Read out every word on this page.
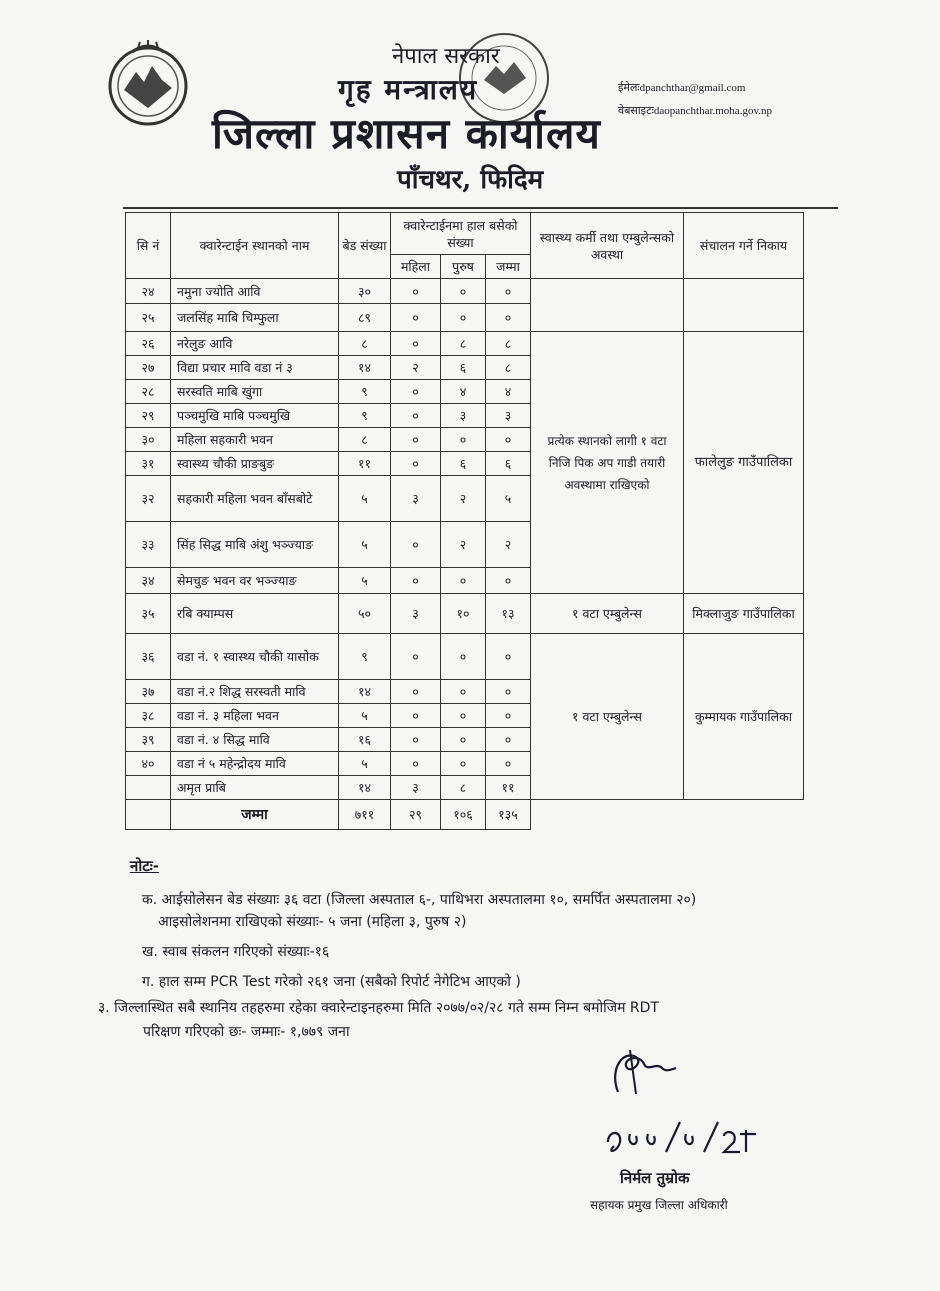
नेपाल सरकार
गृह मन्त्रालय
जिल्ला प्रशासन कार्यालय
पाँचथर, फिदिम
ईमेलःdpanchthar@gmail.com
वेबसाइटःdaopanchthar.moha.gov.np
सि नं	क्वारेन्टाईन स्थानको नाम	बेड संख्या	क्वारेन्टाईनमा हाल बसेको संख्या			स्वास्थ्य कर्मी तथा एम्बुलेन्सको अवस्था	संचालन गर्ने निकाय
			महिला	पुरुष	जम्मा		
२४	नमुना ज्योति आवि	३०	०	०	०		
२५	जलसिंह माबि चिम्फुला	८९	०	०	०		
२६	नरेलुङ आवि	८	०	८	८	प्रत्येक स्थानको लागी १ वटा निजि पिक अप गाडी तयारी अवस्थामा राखिएको	फालेलुङ गाउँपालिका
२७	विद्या प्रचार मावि वडा नं ३	१४	२	६	८		
२८	सरस्वति माबि खुंगा	९	०	४	४		
२९	पञ्चमुखि माबि पञ्चमुखि	९	०	३	३		
३०	महिला सहकारी भवन	८	०	०	०		
३१	स्वास्थ्य चौकी प्राङबुङ	११	०	६	६		
३२	सहकारी महिला भवन बाँसबोटे	५	३	२	५		
३३	सिंह सिद्ध माबि अंशु भञ्ज्याङ	५	०	२	२		
३४	सेमचुङ भवन वर भञ्ज्याङ	५	०	०	०		
३५	रबि क्याम्पस	५०	३	१०	१३	१ वटा एम्बुलेन्स	मिक्लाजुङ गाउँपालिका
३६	वडा नं. १ स्वास्थ्य चौकी यासोक	९	०	०	०	१ वटा एम्बुलेन्स	कुम्मायक गाउँपालिका
३७	वडा नं.२ शिद्ध सरस्वती मावि	१४	०	०	०		
३८	वडा नं. ३ महिला भवन	५	०	०	०		
३९	वडा नं. ४ सिद्ध मावि	१६	०	०	०		
४०	वडा नं ५ महेन्द्रोदय मावि	५	०	०	०		
	अमृत प्राबि	१४	३	८	११		
	जम्मा	७११	२९	१०६	१३५		
नोटः-
क. आईसोलेसन बेड संख्याः ३६ वटा (जिल्ला अस्पताल ६-, पाथिभरा अस्पतालमा १०, समर्पित अस्पतालमा २०)
आइसोलेशनमा राखिएको संख्याः- ५ जना (महिला ३, पुरुष २)
ख. स्वाब संकलन गरिएको संख्याः-१६
ग. हाल सम्म PCR Test गरेको २६१ जना (सबैको रिपोर्ट नेगेटिभ आएको )
३. जिल्लास्थित सबै स्थानिय तहहरुमा रहेका क्वारेन्टाइनहरुमा मिति २०७७/०२/२८ गते सम्म निम्न बमोजिम RDT
परिक्षण गरिएको छः- जम्माः- १,७७९ जना
निर्मल तुम्रोक
सहायक प्रमुख जिल्ला अधिकारी
